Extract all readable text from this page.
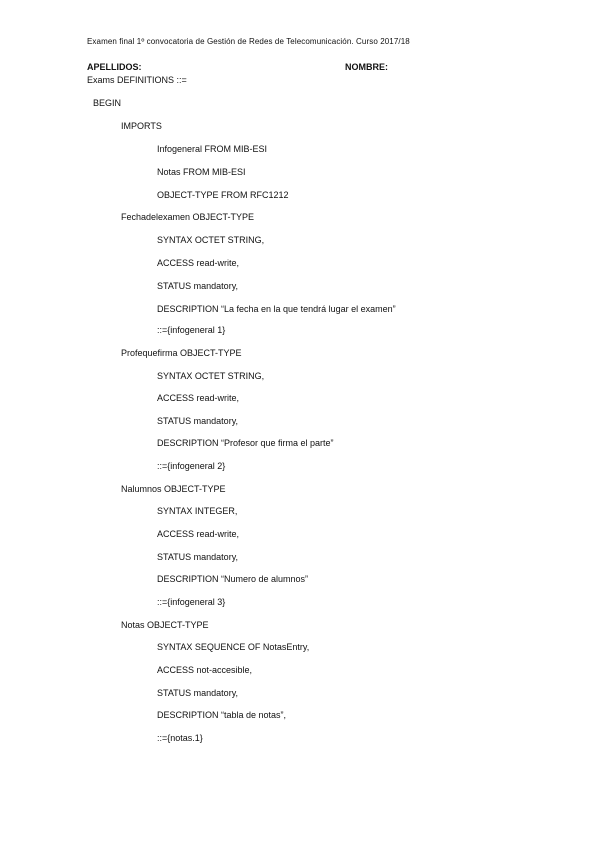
Examen final 1º convocatoria de Gestión de Redes de Telecomunicación. Curso 2017/18
APELLIDOS:	NOMBRE:
Exams DEFINITIONS ::=
BEGIN
IMPORTS
Infogeneral FROM MIB-ESI
Notas FROM MIB-ESI
OBJECT-TYPE FROM RFC1212
Fechadelexamen OBJECT-TYPE
SYNTAX OCTET STRING,
ACCESS read-write,
STATUS mandatory,
DESCRIPTION “La fecha en la que tendrá lugar el examen”
::={infogeneral 1}
Profequefirma OBJECT-TYPE
SYNTAX OCTET STRING,
ACCESS read-write,
STATUS mandatory,
DESCRIPTION “Profesor que firma el parte”
::={infogeneral 2}
Nalumnos OBJECT-TYPE
SYNTAX INTEGER,
ACCESS read-write,
STATUS mandatory,
DESCRIPTION “Numero de alumnos”
::={infogeneral 3}
Notas OBJECT-TYPE
SYNTAX SEQUENCE OF NotasEntry,
ACCESS not-accesible,
STATUS mandatory,
DESCRIPTION “tabla de notas”,
::={notas.1}
